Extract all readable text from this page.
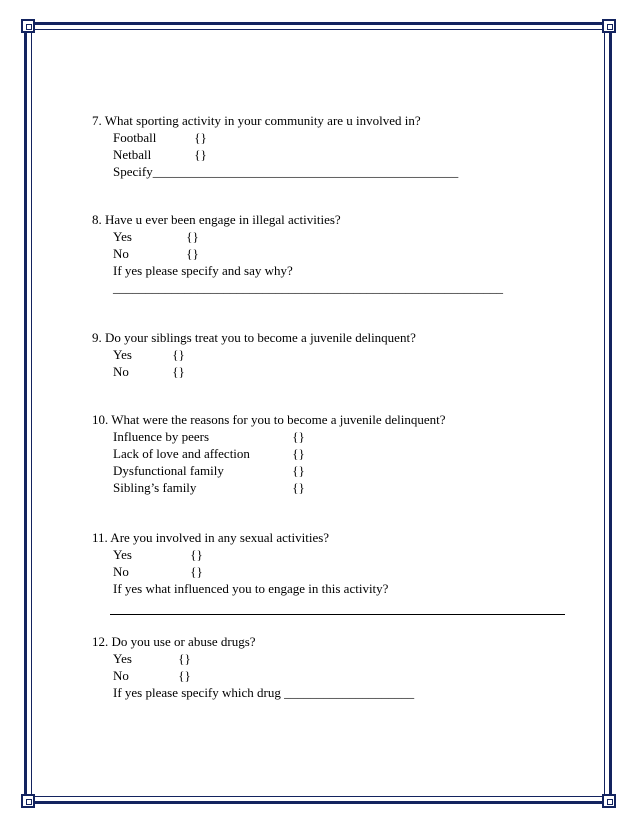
7. What sporting activity in your community are u involved in?
Football	{}
Netball	{}
Specify_______________________________________________
8. Have u ever been engage in illegal activities?
Yes	{}
No	{}
If yes please specify and say why?
____________________________________________________________
9. Do your siblings treat you to become a juvenile delinquent?
Yes	{}
No	{}
10. What were the reasons for you to become a juvenile delinquent?
Influence by peers	{}
Lack of love and affection	{}
Dysfunctional family	{}
Sibling’s family	{}
11. Are you involved in any sexual activities?
Yes	{}
No	{}
If yes what influenced you to engage in this activity?
12. Do you use or abuse drugs?
Yes	{}
No	{}
If yes please specify which drug ____________________
